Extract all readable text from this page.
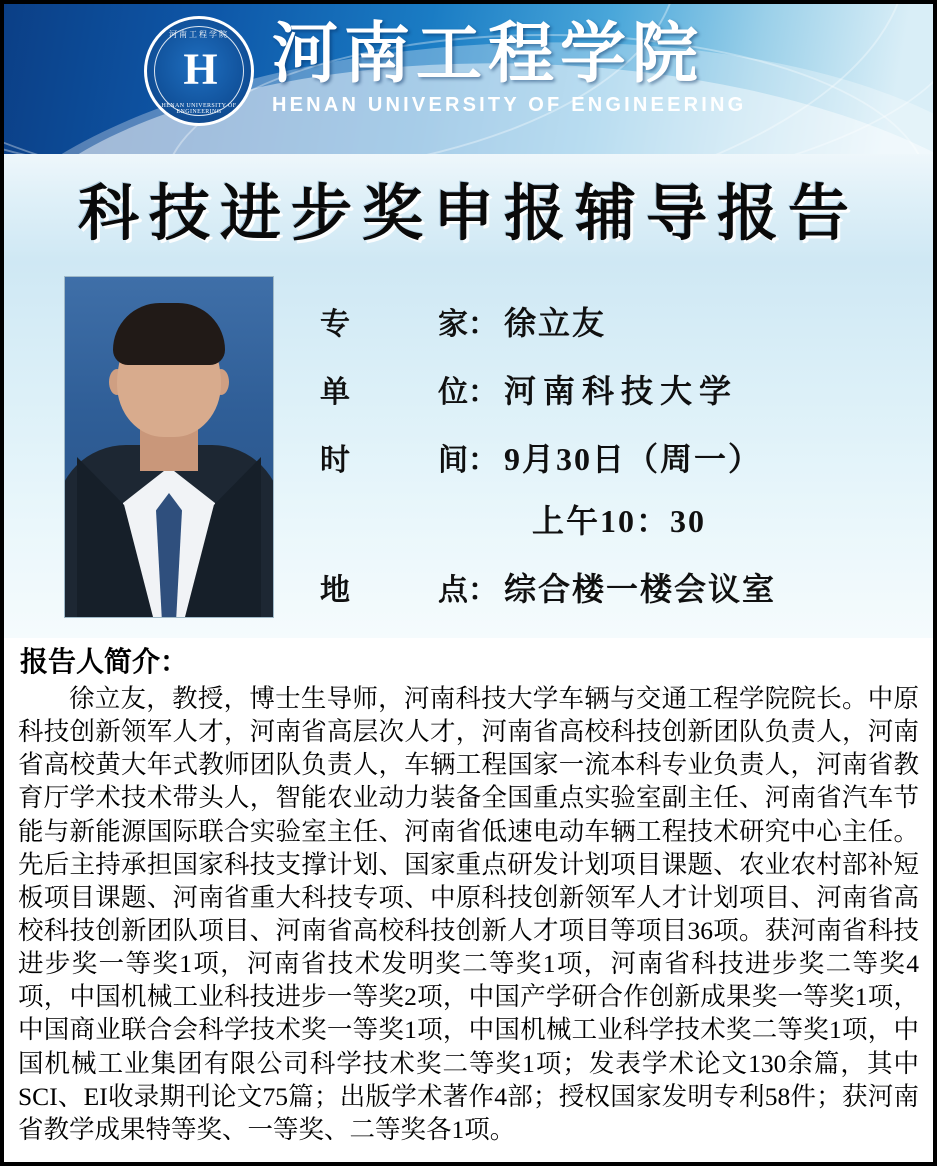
河南工程学院
H
HENAN UNIVERSITY OF ENGINEERING
河南工程学院
HENAN UNIVERSITY OF ENGINEERING
科技进步奖申报辅导报告
专	家 ： 徐立友
单	位 ： 河南科技大学
时	间 ： 9月30日（周一）
上午10：30
地	点 ： 综合楼一楼会议室
报告人简介：

徐立友，教授，博士生导师，河南科技大学车辆与交通工程学院院长。中原科技创新领军人才，河南省高层次人才，河南省高校科技创新团队负责人，河南省高校黄大年式教师团队负责人，车辆工程国家一流本科专业负责人，河南省教育厅学术技术带头人，智能农业动力装备全国重点实验室副主任、河南省汽车节能与新能源国际联合实验室主任、河南省低速电动车辆工程技术研究中心主任。先后主持承担国家科技支撑计划、国家重点研发计划项目课题、农业农村部补短板项目课题、河南省重大科技专项、中原科技创新领军人才计划项目、河南省高校科技创新团队项目、河南省高校科技创新人才项目等项目36项。获河南省科技进步奖一等奖1项，河南省技术发明奖二等奖1项，河南省科技进步奖二等奖4项，中国机械工业科技进步一等奖2项，中国产学研合作创新成果奖一等奖1项，中国商业联合会科学技术奖一等奖1项，中国机械工业科学技术奖二等奖1项，中国机械工业集团有限公司科学技术奖二等奖1项；发表学术论文130余篇，其中SCI、EI收录期刊论文75篇；出版学术著作4部；授权国家发明专利58件；获河南省教学成果特等奖、一等奖、二等奖各1项。
